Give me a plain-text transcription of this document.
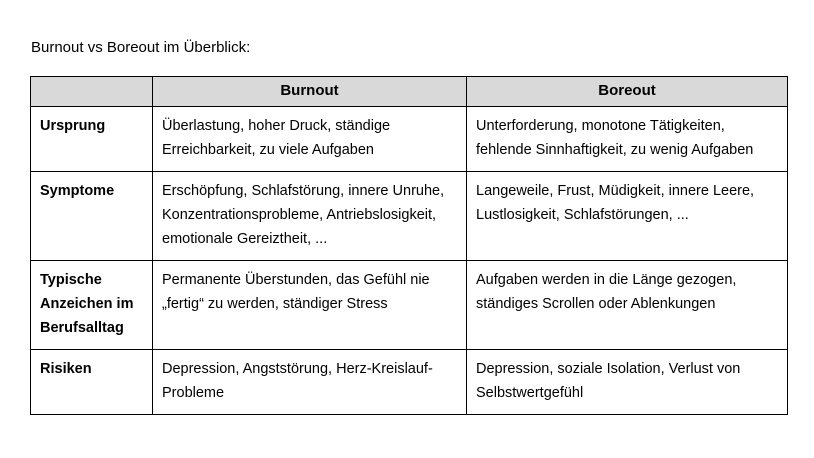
Burnout vs Boreout im Überblick:
	Burnout	Boreout
Ursprung	Überlastung, hoher Druck, ständige Erreichbarkeit, zu viele Aufgaben	Unterforderung, monotone Tätigkeiten, fehlende Sinnhaftigkeit, zu wenig Aufgaben
Symptome	Erschöpfung, Schlafstörung, innere Unruhe, Konzentrationsprobleme, Antriebslosigkeit, emotionale Gereiztheit, ...	Langeweile, Frust, Müdigkeit, innere Leere, Lustlosigkeit, Schlafstörungen, ...
Typische Anzeichen im Berufsalltag	Permanente Überstunden, das Gefühl nie „fertig“ zu werden, ständiger Stress	Aufgaben werden in die Länge gezogen, ständiges Scrollen oder Ablenkungen
Risiken	Depression, Angststörung, Herz-Kreislauf-Probleme	Depression, soziale Isolation, Verlust von Selbstwertgefühl
